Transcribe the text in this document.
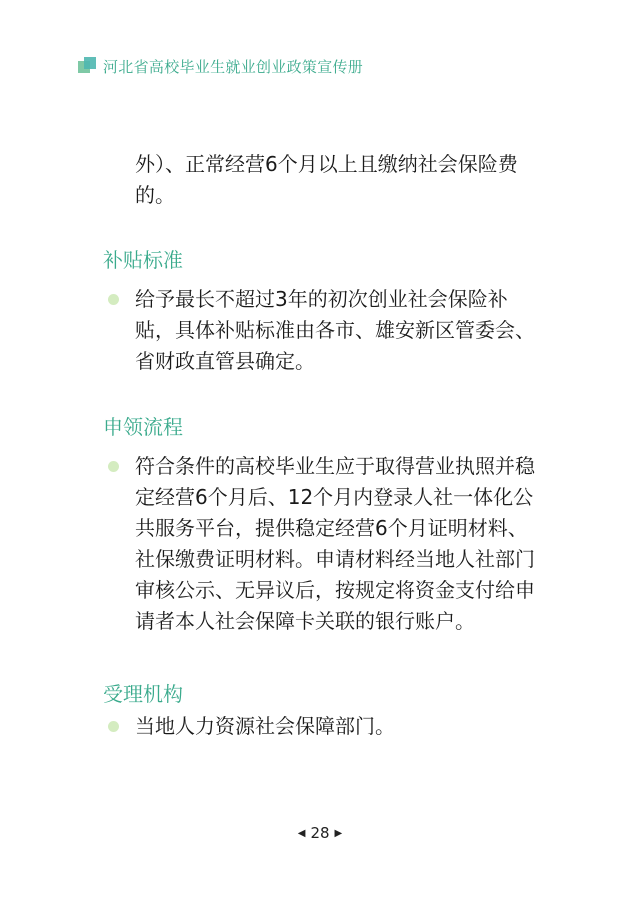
河北省高校毕业生就业创业政策宣传册

外）、正常经营6个月以上且缴纳社会保险费
的。

补贴标准

给予最长不超过3年的初次创业社会保险补
贴，具体补贴标准由各市、雄安新区管委会、
省财政直管县确定。

申领流程

符合条件的高校毕业生应于取得营业执照并稳
定经营6个月后、12个月内登录人社一体化公
共服务平台，提供稳定经营6个月证明材料、
社保缴费证明材料。申请材料经当地人社部门
审核公示、无异议后，按规定将资金支付给申
请者本人社会保障卡关联的银行账户。

受理机构

当地人力资源社会保障部门。

◀ 28 ▶
